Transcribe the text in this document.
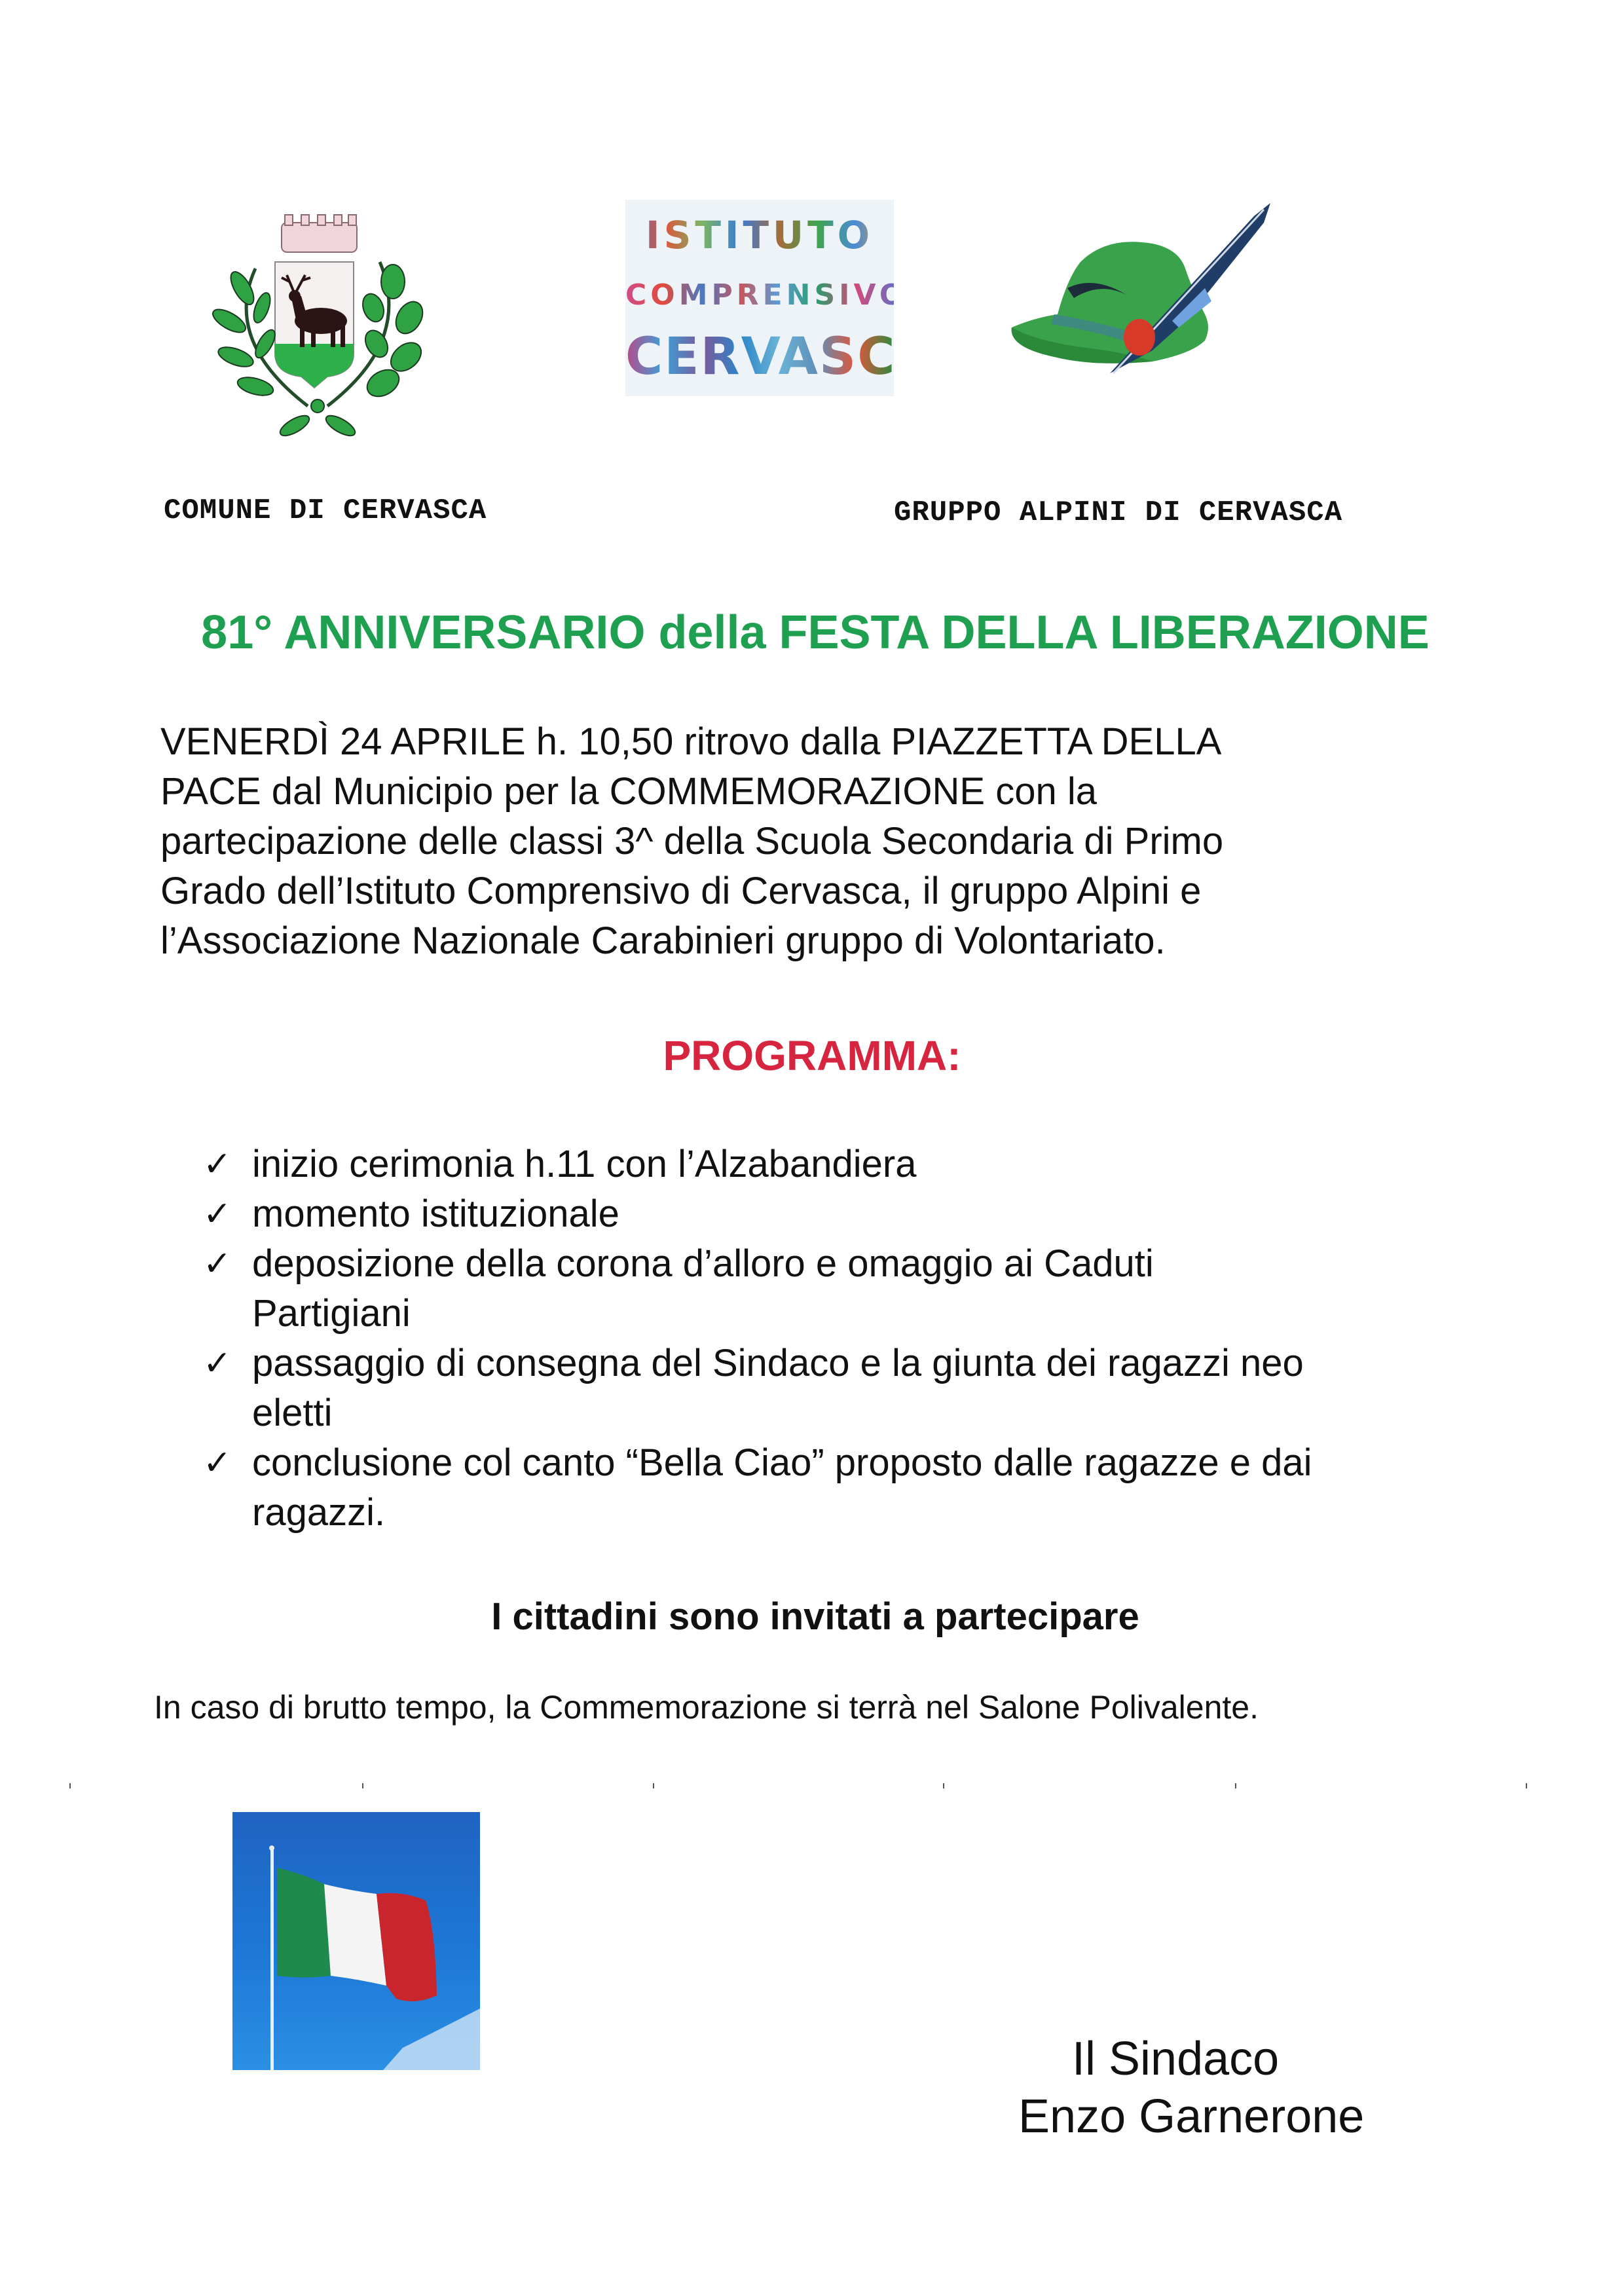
ISTITUTO
COMPRENSIVO
CERVASCA
COMUNE DI CERVASCA	GRUPPO ALPINI DI CERVASCA
81° ANNIVERSARIO della FESTA DELLA LIBERAZIONE
VENERDÌ 24 APRILE h. 10,50 ritrovo dalla PIAZZETTA DELLA
PACE dal Municipio per la COMMEMORAZIONE con la
partecipazione delle classi 3^ della Scuola Secondaria di Primo
Grado dell’Istituto Comprensivo di Cervasca, il gruppo Alpini e
l’Associazione Nazionale Carabinieri gruppo di Volontariato.
PROGRAMMA:
✓ inizio cerimonia h.11 con l’Alzabandiera
✓ momento istituzionale
✓ deposizione della corona d’alloro e omaggio ai Caduti
Partigiani
✓ passaggio di consegna del Sindaco e la giunta dei ragazzi neo
eletti
✓ conclusione col canto “Bella Ciao” proposto dalle ragazze e dai
ragazzi.
I cittadini sono invitati a partecipare
In caso di brutto tempo, la Commemorazione si terrà nel Salone Polivalente.
Il Sindaco
Enzo Garnerone
